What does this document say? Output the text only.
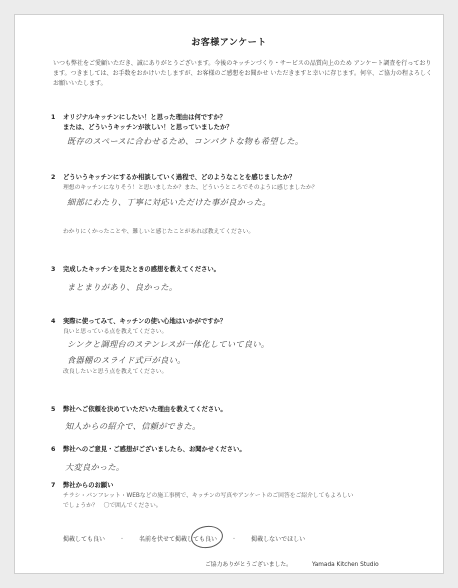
お客様アンケート
いつも弊社をご愛顧いただき、誠にありがとうございます。今後のキッチンづくり・サービスの品質向上のため アンケート調査を行っております。つきましては、お手数をおかけいたしますが、お客様のご感想をお聞かせ いただきますと幸いに存じます。何卒、ご協力の程よろしくお願いいたします。
1 オリジナルキッチンにしたい！と思った理由は何ですか？
または、どういうキッチンが欲しい！と思っていましたか？
既存のスペースに合わせるため、コンパクトな物も希望した。
2 どういうキッチンにするか相談していく過程で、どのようなことを感じましたか？
理想のキッチンになりそう！と思いましたか？また、どういうところでそのように感じましたか？
細部にわたり、丁寧に対応いただけた事が良かった。
わかりにくかったことや、難しいと感じたことがあれば教えてください。
3 完成したキッチンを見たときの感想を教えてください。
まとまりがあり、良かった。
4 実際に使ってみて、キッチンの使い心地はいかがですか？
良いと思っている点を教えてください。
シンクと調理台のステンレスが一体化していて良い。
食器棚のスライド式戸が良い。
改良したいと思う点を教えてください。
5 弊社へご依頼を決めていただいた理由を教えてください。
知人からの紹介で、信頼ができた。
6 弊社へのご意見・ご感想がございましたら、お聞かせください。
大変良かった。
7 弊社からのお願い
チラシ・パンフレット・WEBなどの施工事例で、キッチンの写真やアンケートのご回答をご紹介してもよろしい
でしょうか？　〇で囲んでください。
掲載しても良い ・ 名前を伏せて掲載しても良い ・ 掲載しないでほしい
ご協力ありがとうございました。	Yamada Kitchen Studio
